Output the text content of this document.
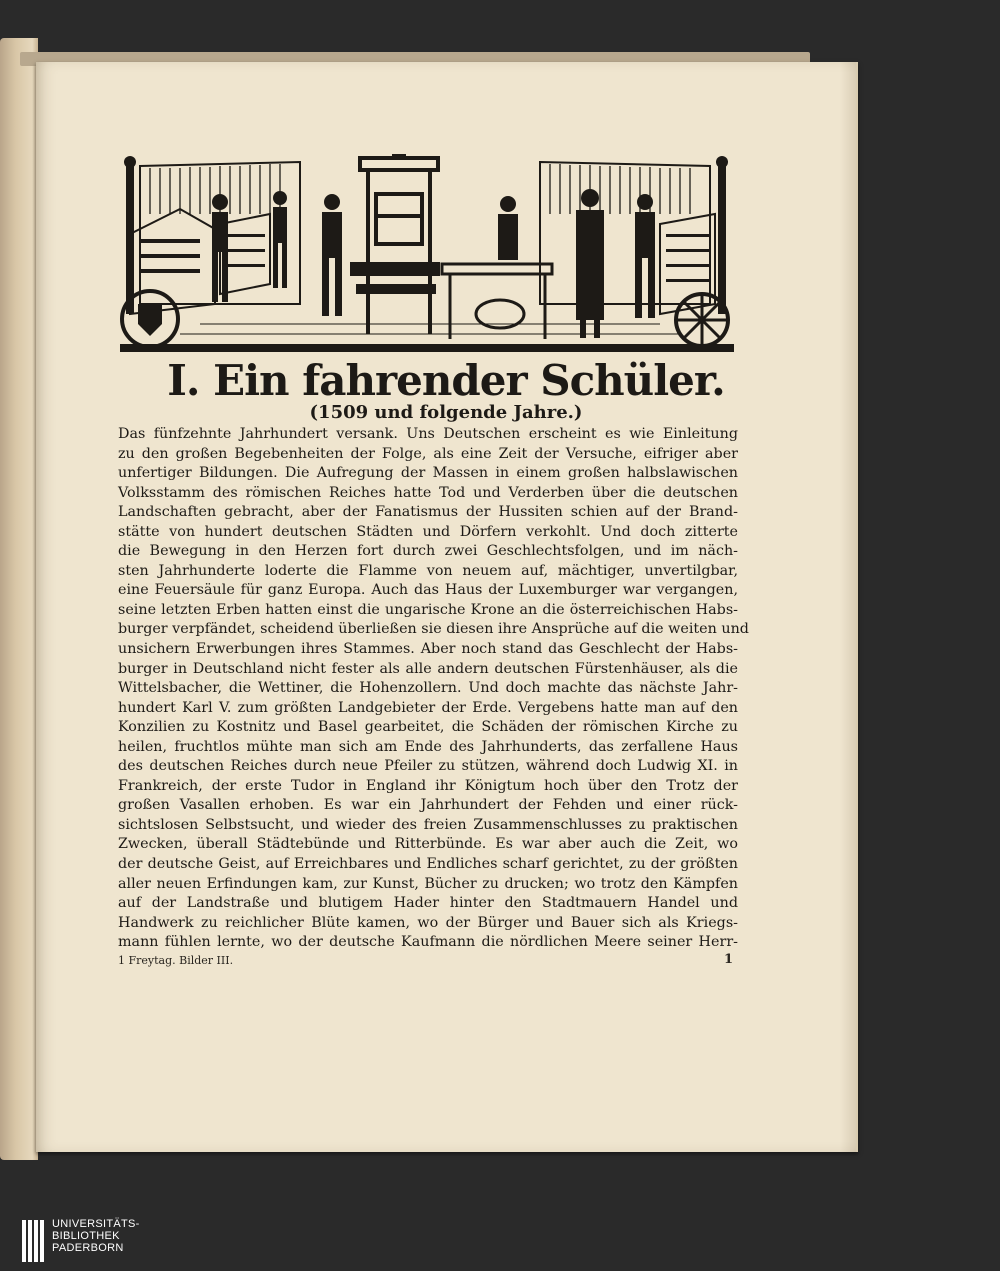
I. Ein fahrender Schüler.
(1509 und folgende Jahre.)
Das fünfzehnte Jahrhundert versank. Uns Deutschen erscheint es wie Einleitung
zu den großen Begebenheiten der Folge, als eine Zeit der Versuche, eifriger aber
unfertiger Bildungen. Die Aufregung der Massen in einem großen halbslawischen
Volksstamm des römischen Reiches hatte Tod und Verderben über die deutschen
Landschaften gebracht, aber der Fanatismus der Hussiten schien auf der Brand-
stätte von hundert deutschen Städten und Dörfern verkohlt. Und doch zitterte
die Bewegung in den Herzen fort durch zwei Geschlechtsfolgen, und im näch-
sten Jahrhunderte loderte die Flamme von neuem auf, mächtiger, unvertilgbar,
eine Feuersäule für ganz Europa. Auch das Haus der Luxemburger war vergangen,
seine letzten Erben hatten einst die ungarische Krone an die österreichischen Habs-
burger verpfändet, scheidend überließen sie diesen ihre Ansprüche auf die weiten und
unsichern Erwerbungen ihres Stammes. Aber noch stand das Geschlecht der Habs-
burger in Deutschland nicht fester als alle andern deutschen Fürstenhäuser, als die
Wittelsbacher, die Wettiner, die Hohenzollern. Und doch machte das nächste Jahr-
hundert Karl V. zum größten Landgebieter der Erde. Vergebens hatte man auf den
Konzilien zu Kostnitz und Basel gearbeitet, die Schäden der römischen Kirche zu
heilen, fruchtlos mühte man sich am Ende des Jahrhunderts, das zerfallene Haus
des deutschen Reiches durch neue Pfeiler zu stützen, während doch Ludwig XI. in
Frankreich, der erste Tudor in England ihr Königtum hoch über den Trotz der
großen Vasallen erhoben. Es war ein Jahrhundert der Fehden und einer rück-
sichtslosen Selbstsucht, und wieder des freien Zusammenschlusses zu praktischen
Zwecken, überall Städtebünde und Ritterbünde. Es war aber auch die Zeit, wo
der deutsche Geist, auf Erreichbares und Endliches scharf gerichtet, zu der größten
aller neuen Erfindungen kam, zur Kunst, Bücher zu drucken; wo trotz den Kämpfen
auf der Landstraße und blutigem Hader hinter den Stadtmauern Handel und
Handwerk zu reichlicher Blüte kamen, wo der Bürger und Bauer sich als Kriegs-
mann fühlen lernte, wo der deutsche Kaufmann die nördlichen Meere seiner Herr-
1 Freytag. Bilder III.	1
UNIVERSITÄTS-
BIBLIOTHEK
PADERBORN
